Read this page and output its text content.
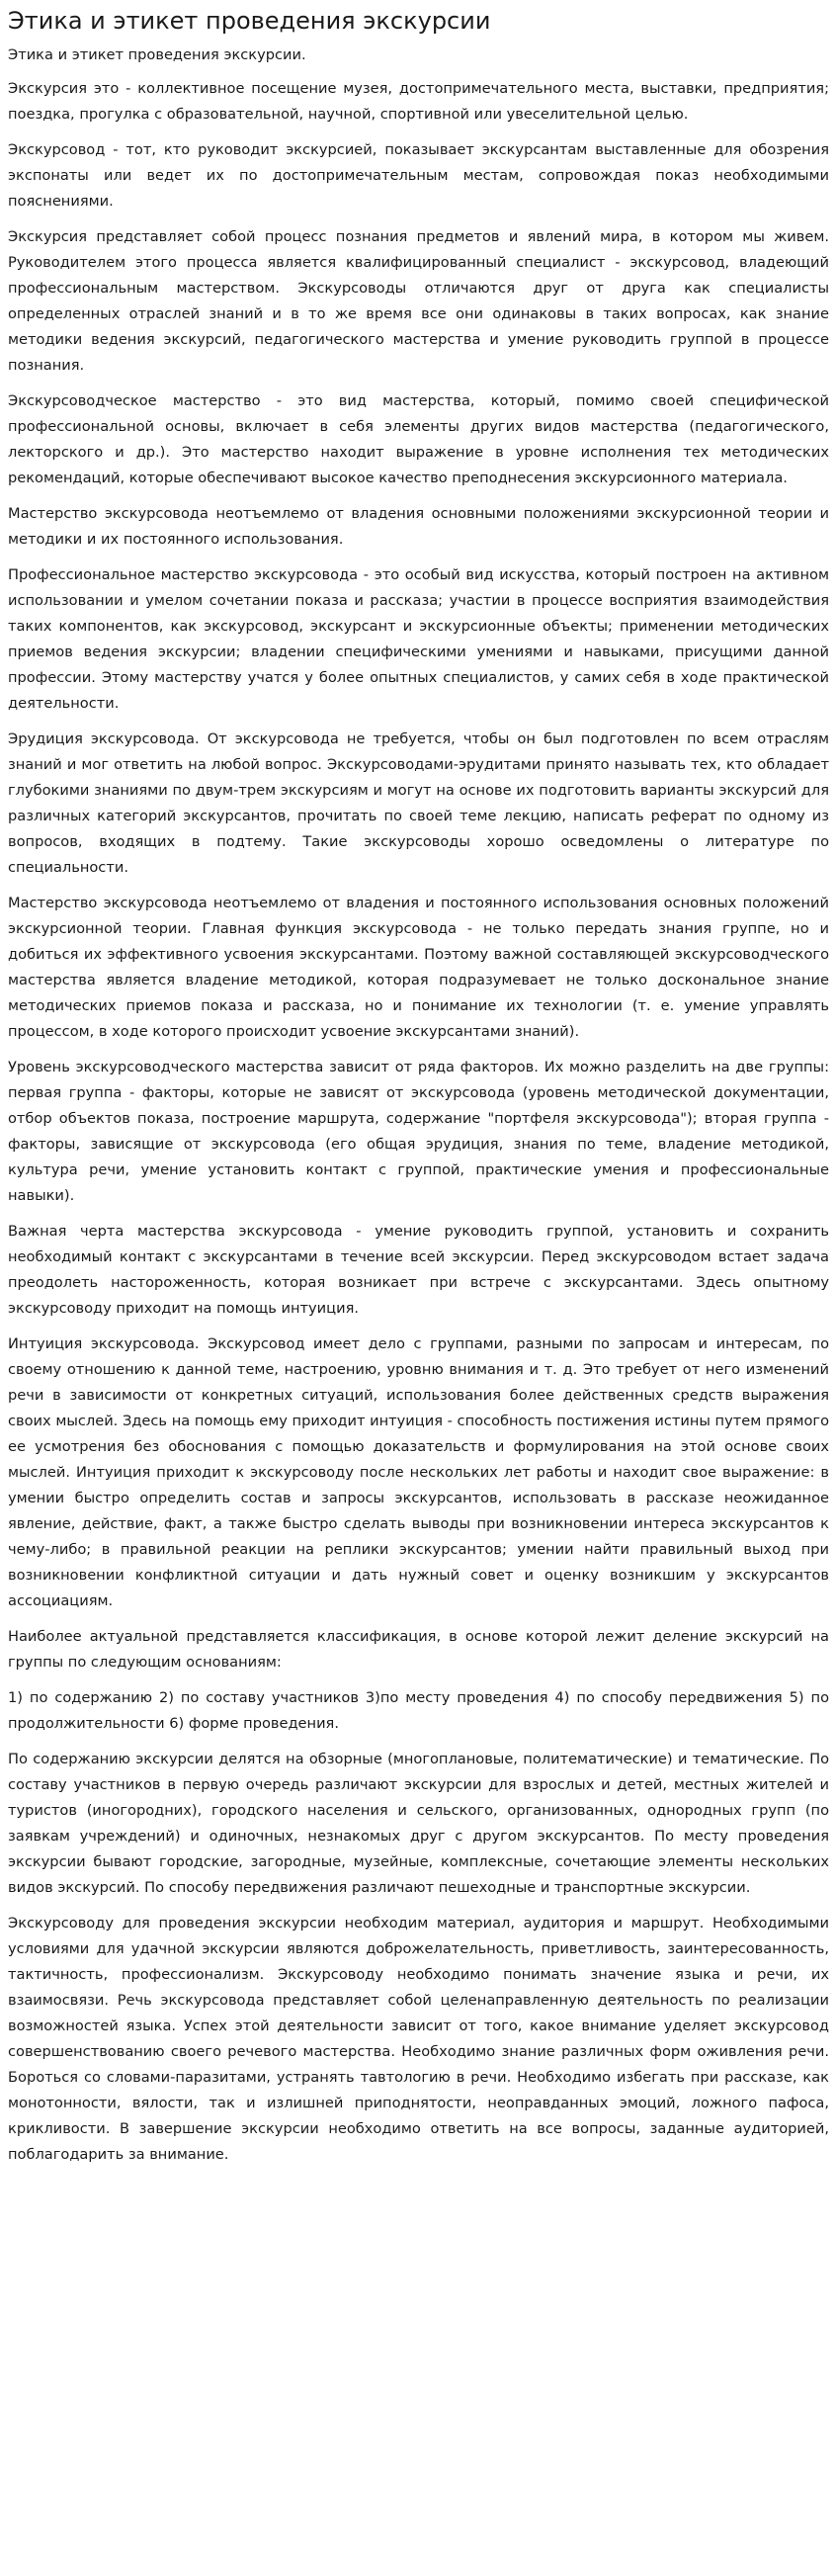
Этика и этикет проведения экскурсии

Этика и этикет проведения экскурсии.

Экскурсия это - коллективное посещение музея, достопримечательного места, выставки, предприятия; поездка, прогулка с образовательной, научной, спортивной или увеселительной целью.

Экскурсовод - тот, кто руководит экскурсией, показывает экскурсантам выставленные для обозрения экспонаты или ведет их по достопримечательным местам, сопровождая показ необходимыми пояснениями.

Экскурсия представляет собой процесс познания предметов и явлений мира, в котором мы живем. Руководителем этого процесса является квалифицированный специалист - экскурсовод, владеющий профессиональным мастерством. Экскурсоводы отличаются друг от друга как специалисты определенных отраслей знаний и в то же время все они одинаковы в таких вопросах, как знание методики ведения экскурсий, педагогического мастерства и умение руководить группой в процессе познания.

Экскурсоводческое мастерство - это вид мастерства, который, помимо своей специфической профессиональной основы, включает в себя элементы других видов мастерства (педагогического, лекторского и др.). Это мастерство находит выражение в уровне исполнения тех методических рекомендаций, которые обеспечивают высокое качество преподнесения экскурсионного материала.

Мастерство экскурсовода неотъемлемо от владения основными положениями экскурсионной теории и методики и их постоянного использования.

Профессиональное мастерство экскурсовода - это особый вид искусства, который построен на активном использовании и умелом сочетании показа и рассказа; участии в процессе восприятия взаимодействия таких компонентов, как экскурсовод, экскурсант и экскурсионные объекты; применении методических приемов ведения экскурсии; владении специфическими умениями и навыками, присущими данной профессии. Этому мастерству учатся у более опытных специалистов, у самих себя в ходе практической деятельности.

Эрудиция экскурсовода. От экскурсовода не требуется, чтобы он был подготовлен по всем отраслям знаний и мог ответить на любой вопрос. Экскурсоводами-эрудитами принято называть тех, кто обладает глубокими знаниями по двум-трем экскурсиям и могут на основе их подготовить варианты экскурсий для различных категорий экскурсантов, прочитать по своей теме лекцию, написать реферат по одному из вопросов, входящих в подтему. Такие экскурсоводы хорошо осведомлены о литературе по специальности.

Мастерство экскурсовода неотъемлемо от владения и постоянного использования основных положений экскурсионной теории. Главная функция экскурсовода - не только передать знания группе, но и добиться их эффективного усвоения экскурсантами. Поэтому важной составляющей экскурсоводческого мастерства является владение методикой, которая подразумевает не только доскональное знание методических приемов показа и рассказа, но и понимание их технологии (т. е. умение управлять процессом, в ходе которого происходит усвоение экскурсантами знаний).

Уровень экскурсоводческого мастерства зависит от ряда факторов. Их можно разделить на две группы: первая группа - факторы, которые не зависят от экскурсовода (уровень методической документации, отбор объектов показа, построение маршрута, содержание "портфеля экскурсовода"); вторая группа - факторы, зависящие от экскурсовода (его общая эрудиция, знания по теме, владение методикой, культура речи, умение установить контакт с группой, практические умения и профессиональные навыки).

Важная черта мастерства экскурсовода - умение руководить группой, установить и сохранить необходимый контакт с экскурсантами в течение всей экскурсии. Перед экскурсоводом встает задача преодолеть настороженность, которая возникает при встрече с экскурсантами. Здесь опытному экскурсоводу приходит на помощь интуиция.

Интуиция экскурсовода. Экскурсовод имеет дело с группами, разными по запросам и интересам, по своему отношению к данной теме, настроению, уровню внимания и т. д. Это требует от него изменений речи в зависимости от конкретных ситуаций, использования более действенных средств выражения своих мыслей. Здесь на помощь ему приходит интуиция - способность постижения истины путем прямого ее усмотрения без обоснования с помощью доказательств и формулирования на этой основе своих мыслей. Интуиция приходит к экскурсоводу после нескольких лет работы и находит свое выражение: в умении быстро определить состав и запросы экскурсантов, использовать в рассказе неожиданное явление, действие, факт, а также быстро сделать выводы при возникновении интереса экскурсантов к чему-либо; в правильной реакции на реплики экскурсантов; умении найти правильный выход при возникновении конфликтной ситуации и дать нужный совет и оценку возникшим у экскурсантов ассоциациям.

Наиболее актуальной представляется классификация, в основе которой лежит деление экскурсий на группы по следующим основаниям:

1) по содержанию 2) по составу участников 3)по месту проведения 4) по способу передвижения 5) по продолжительности 6) форме проведения.

По содержанию экскурсии делятся на обзорные (многоплановые, политематические) и тематические. По составу участников в первую очередь различают экскурсии для взрослых и детей, местных жителей и туристов (иногородних), городского населения и сельского, организованных, однородных групп (по заявкам учреждений) и одиночных, незнакомых друг с другом экскурсантов. По месту проведения экскурсии бывают городские, загородные, музейные, комплексные, сочетающие элементы нескольких видов экскурсий. По способу передвижения различают пешеходные и транспортные экскурсии.

Экскурсоводу для проведения экскурсии необходим материал, аудитория и маршрут. Необходимыми условиями для удачной экскурсии являются доброжелательность, приветливость, заинтересованность, тактичность, профессионализм. Экскурсоводу необходимо понимать значение языка и речи, их взаимосвязи. Речь экскурсовода представляет собой целенаправленную деятельность по реализации возможностей языка. Успех этой деятельности зависит от того, какое внимание уделяет экскурсовод совершенствованию своего речевого мастерства. Необходимо знание различных форм оживления речи. Бороться со словами-паразитами, устранять тавтологию в речи. Необходимо избегать при рассказе, как монотонности, вялости, так и излишней приподнятости, неоправданных эмоций, ложного пафоса, крикливости. В завершение экскурсии необходимо ответить на все вопросы, заданные аудиторией, поблагодарить за внимание.
